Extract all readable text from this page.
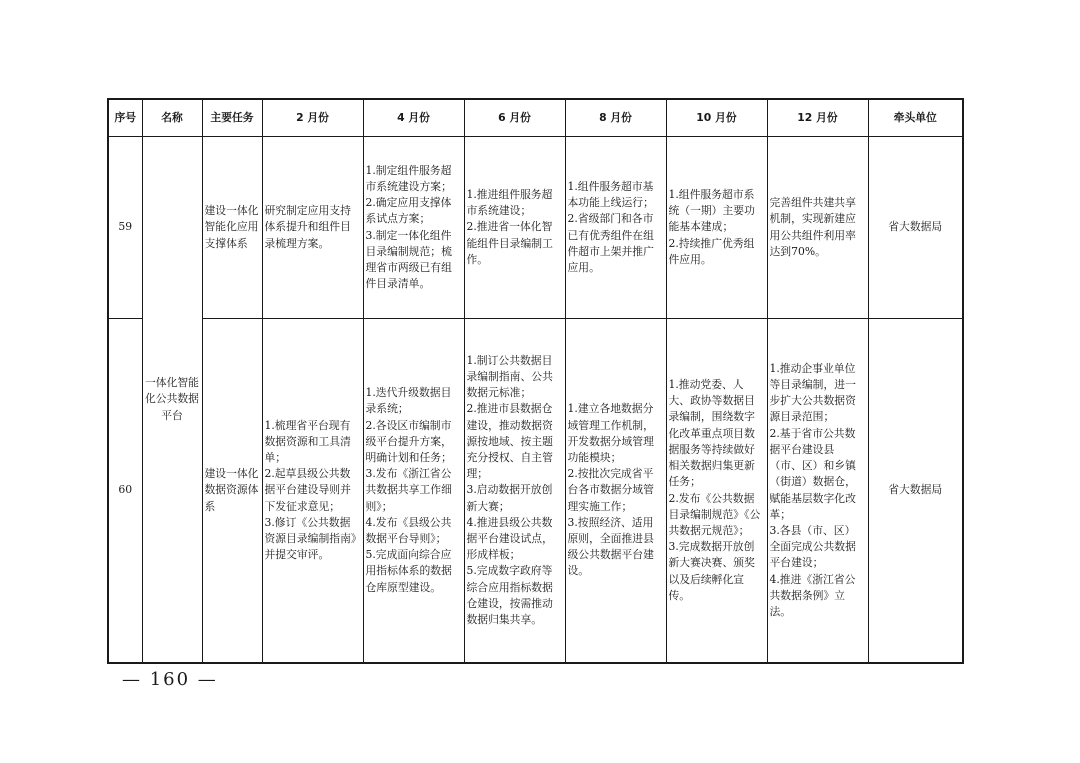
序号	名称	主要任务	2 月份	4 月份	6 月份	8 月份	10 月份	12 月份	牵头单位
59	一体化智能化公共数据平台	建设一体化智能化应用支撑体系	研究制定应用支持体系提升和组件目录梳理方案。	1.制定组件服务超市系统建设方案；
2.确定应用支撑体系试点方案；
3.制定一体化组件目录编制规范；梳理省市两级已有组件目录清单。	1.推进组件服务超市系统建设；
2.推进省一体化智能组件目录编制工作。	1.组件服务超市基本功能上线运行；
2.省级部门和各市已有优秀组件在组件超市上架并推广应用。	1.组件服务超市系统（一期）主要功能基本建成；
2.持续推广优秀组件应用。	完善组件共建共享机制，实现新建应用公共组件利用率达到70%。	省大数据局
60		建设一体化数据资源体系	1.梳理省平台现有数据资源和工具清单；
2.起草县级公共数据平台建设导则并下发征求意见；
3.修订《公共数据资源目录编制指南》并提交审评。	1.迭代升级数据目录系统；
2.各设区市编制市级平台提升方案，明确计划和任务；
3.发布《浙江省公共数据共享工作细则》；
4.发布《县级公共数据平台导则》；
5.完成面向综合应用指标体系的数据仓库原型建设。	1.制订公共数据目录编制指南、公共数据元标准；
2.推进市县数据仓建设，推动数据资源按地域、按主题充分授权、自主管理；
3.启动数据开放创新大赛；
4.推进县级公共数据平台建设试点，形成样板；
5.完成数字政府等综合应用指标数据仓建设，按需推动数据归集共享。	1.建立各地数据分域管理工作机制，开发数据分域管理功能模块；
2.按批次完成省平台各市数据分域管理实施工作；
3.按照经济、适用原则，全面推进县级公共数据平台建设。	1.推动党委、人大、政协等数据目录编制，围绕数字化改革重点项目数据服务等持续做好相关数据归集更新任务；
2.发布《公共数据目录编制规范》《公共数据元规范》；
3.完成数据开放创新大赛决赛、颁奖以及后续孵化宣传。	1.推动企事业单位等目录编制，进一步扩大公共数据资源目录范围；
2.基于省市公共数据平台建设县（市、区）和乡镇（街道）数据仓，赋能基层数字化改革；
3.各县（市、区）全面完成公共数据平台建设；
4.推进《浙江省公共数据条例》立法。	省大数据局
— 160 —
